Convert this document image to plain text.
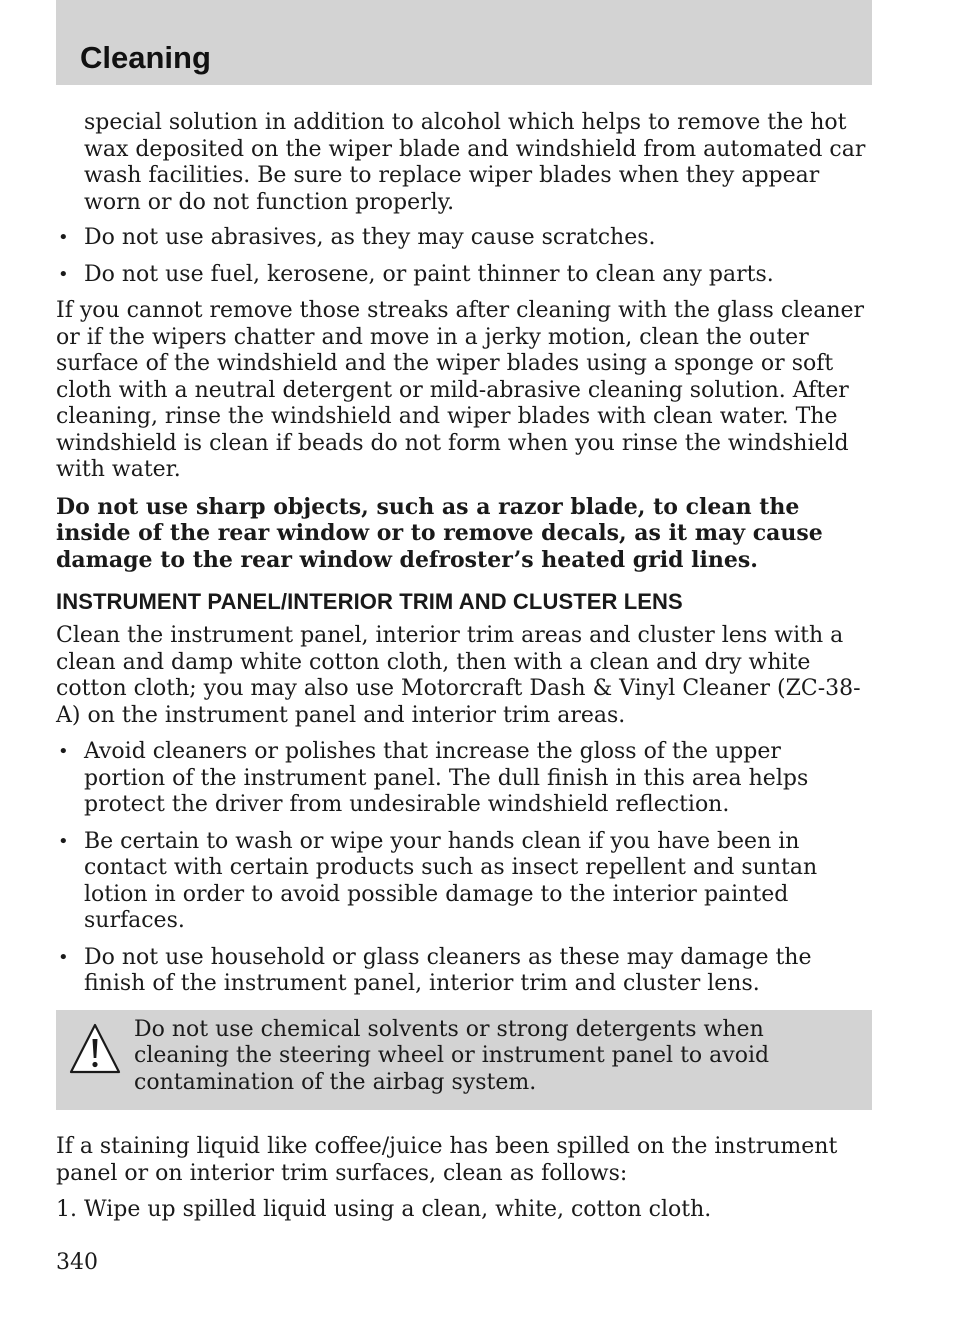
Cleaning

special solution in addition to alcohol which helps to remove the hot wax deposited on the wiper blade and windshield from automated car wash facilities. Be sure to replace wiper blades when they appear worn or do not function properly.

• Do not use abrasives, as they may cause scratches.
• Do not use fuel, kerosene, or paint thinner to clean any parts.

If you cannot remove those streaks after cleaning with the glass cleaner or if the wipers chatter and move in a jerky motion, clean the outer surface of the windshield and the wiper blades using a sponge or soft cloth with a neutral detergent or mild-abrasive cleaning solution. After cleaning, rinse the windshield and wiper blades with clean water. The windshield is clean if beads do not form when you rinse the windshield with water.

Do not use sharp objects, such as a razor blade, to clean the inside of the rear window or to remove decals, as it may cause damage to the rear window defroster’s heated grid lines.

INSTRUMENT PANEL/INTERIOR TRIM AND CLUSTER LENS

Clean the instrument panel, interior trim areas and cluster lens with a clean and damp white cotton cloth, then with a clean and dry white cotton cloth; you may also use Motorcraft Dash & Vinyl Cleaner (ZC-38-A) on the instrument panel and interior trim areas.

• Avoid cleaners or polishes that increase the gloss of the upper portion of the instrument panel. The dull finish in this area helps protect the driver from undesirable windshield reflection.
• Be certain to wash or wipe your hands clean if you have been in contact with certain products such as insect repellent and suntan lotion in order to avoid possible damage to the interior painted surfaces.
• Do not use household or glass cleaners as these may damage the finish of the instrument panel, interior trim and cluster lens.

Do not use chemical solvents or strong detergents when cleaning the steering wheel or instrument panel to avoid contamination of the airbag system.

If a staining liquid like coffee/juice has been spilled on the instrument panel or on interior trim surfaces, clean as follows:

1. Wipe up spilled liquid using a clean, white, cotton cloth.

340
